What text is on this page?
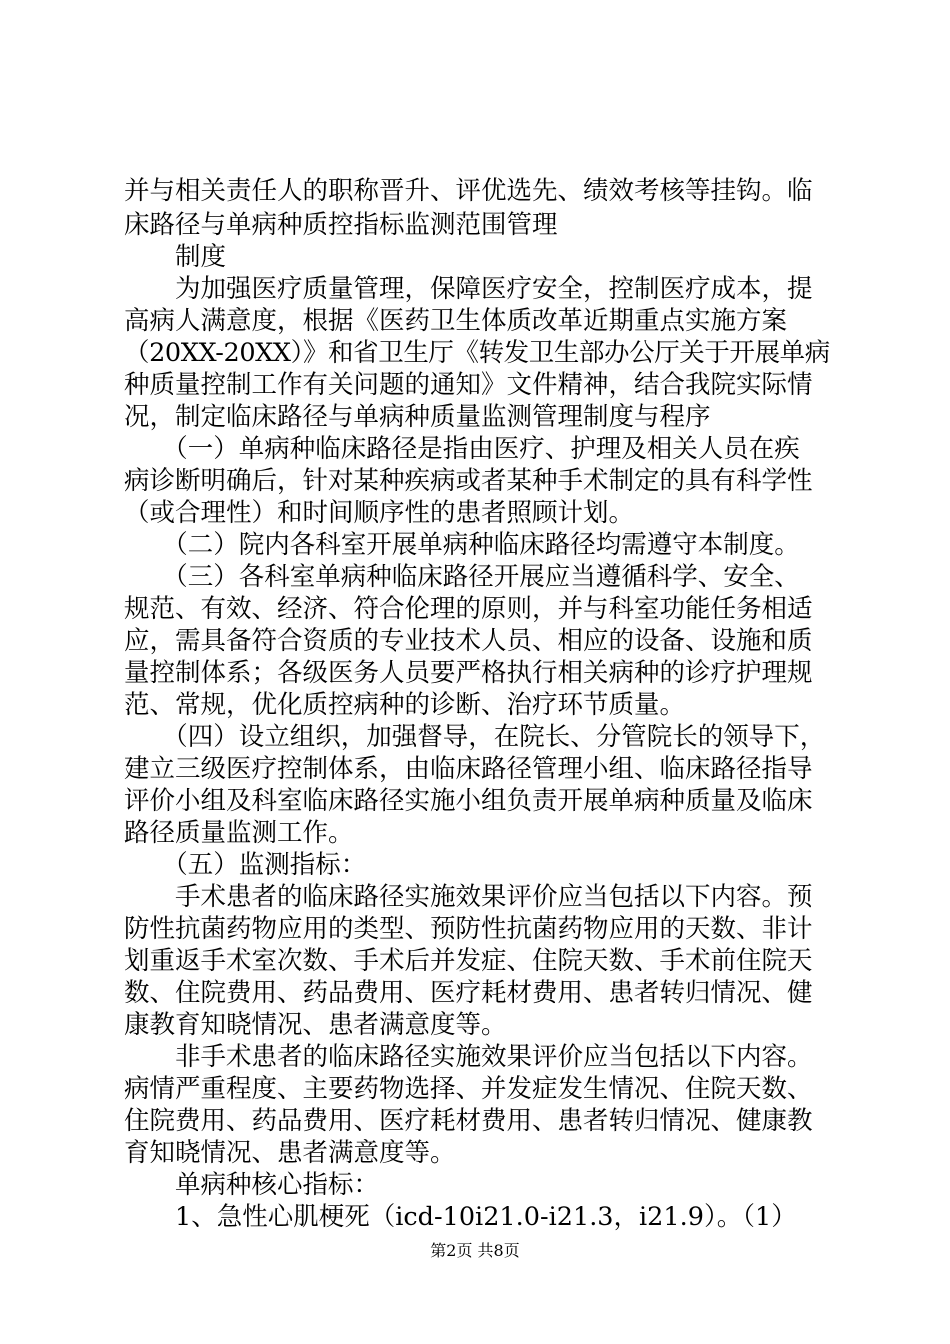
并与相关责任人的职称晋升、评优选先、绩效考核等挂钩。临
床路径与单病种质控指标监测范围管理
　　制度
　　为加强医疗质量管理，保障医疗安全，控制医疗成本，提
高病人满意度，根据《医药卫生体质改革近期重点实施方案
（20XX-20XX）》和省卫生厅《转发卫生部办公厅关于开展单病
种质量控制工作有关问题的通知》文件精神，结合我院实际情
况，制定临床路径与单病种质量监测管理制度与程序
　　（一）单病种临床路径是指由医疗、护理及相关人员在疾
病诊断明确后，针对某种疾病或者某种手术制定的具有科学性
（或合理性）和时间顺序性的患者照顾计划。
　　（二）院内各科室开展单病种临床路径均需遵守本制度。
　　（三）各科室单病种临床路径开展应当遵循科学、安全、
规范、有效、经济、符合伦理的原则，并与科室功能任务相适
应，需具备符合资质的专业技术人员、相应的设备、设施和质
量控制体系；各级医务人员要严格执行相关病种的诊疗护理规
范、常规，优化质控病种的诊断、治疗环节质量。
　　（四）设立组织，加强督导，在院长、分管院长的领导下，
建立三级医疗控制体系，由临床路径管理小组、临床路径指导
评价小组及科室临床路径实施小组负责开展单病种质量及临床
路径质量监测工作。
　　（五）监测指标：
　　手术患者的临床路径实施效果评价应当包括以下内容。预
防性抗菌药物应用的类型、预防性抗菌药物应用的天数、非计
划重返手术室次数、手术后并发症、住院天数、手术前住院天
数、住院费用、药品费用、医疗耗材费用、患者转归情况、健
康教育知晓情况、患者满意度等。
　　非手术患者的临床路径实施效果评价应当包括以下内容。
病情严重程度、主要药物选择、并发症发生情况、住院天数、
住院费用、药品费用、医疗耗材费用、患者转归情况、健康教
育知晓情况、患者满意度等。
　　单病种核心指标：
　　1、急性心肌梗死（icd-10i21.0-i21.3，i21.9）。（1）
第2页 共8页
